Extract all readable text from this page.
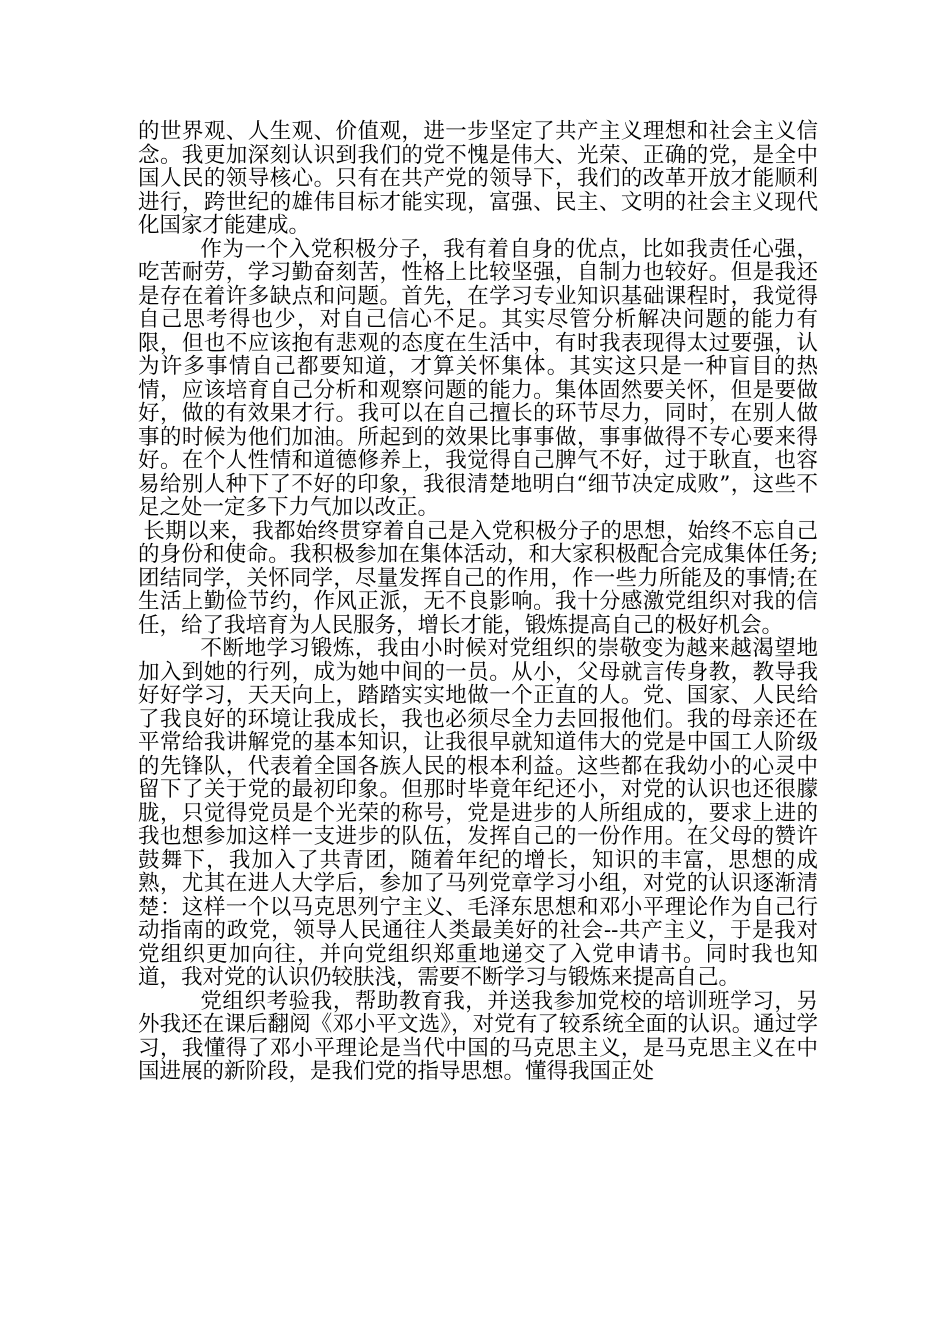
的世界观、人生观、价值观，进一步坚定了共产主义理想和社会主义信念。我更加深刻认识到我们的党不愧是伟大、光荣、正确的党，是全中国人民的领导核心。只有在共产党的领导下，我们的改革开放才能顺利进行，跨世纪的雄伟目标才能实现，富强、民主、文明的社会主义现代化国家才能建成。

作为一个入党积极分子，我有着自身的优点，比如我责任心强，吃苦耐劳，学习勤奋刻苦，性格上比较坚强，自制力也较好。但是我还是存在着许多缺点和问题。首先，在学习专业知识基础课程时，我觉得自己思考得也少，对自己信心不足。其实尽管分析解决问题的能力有限，但也不应该抱有悲观的态度在生活中，有时我表现得太过要强，认为许多事情自己都要知道，才算关怀集体。其实这只是一种盲目的热情，应该培育自己分析和观察问题的能力。集体固然要关怀，但是要做好，做的有效果才行。我可以在自己擅长的环节尽力，同时，在别人做事的时候为他们加油。所起到的效果比事事做，事事做得不专心要来得好。在个人性情和道德修养上，我觉得自己脾气不好，过于耿直，也容易给别人种下了不好的印象，我很清楚地明白“细节决定成败”，这些不足之处一定多下力气加以改正。

长期以来，我都始终贯穿着自己是入党积极分子的思想，始终不忘自己的身份和使命。我积极参加在集体活动，和大家积极配合完成集体任务;团结同学，关怀同学，尽量发挥自己的作用，作一些力所能及的事情;在生活上勤俭节约，作风正派，无不良影响。我十分感激党组织对我的信任，给了我培育为人民服务，增长才能，锻炼提高自己的极好机会。

不断地学习锻炼，我由小时候对党组织的崇敬变为越来越渴望地加入到她的行列，成为她中间的一员。从小，父母就言传身教，教导我好好学习，天天向上，踏踏实实地做一个正直的人。党、国家、人民给了我良好的环境让我成长，我也必须尽全力去回报他们。我的母亲还在平常给我讲解党的基本知识，让我很早就知道伟大的党是中国工人阶级的先锋队，代表着全国各族人民的根本利益。这些都在我幼小的心灵中留下了关于党的最初印象。但那时毕竟年纪还小，对党的认识也还很朦胧，只觉得党员是个光荣的称号，党是进步的人所组成的，要求上进的我也想参加这样一支进步的队伍，发挥自己的一份作用。在父母的赞许鼓舞下，我加入了共青团，随着年纪的增长，知识的丰富，思想的成熟，尤其在进人大学后，参加了马列党章学习小组，对党的认识逐渐清楚：这样一个以马克思列宁主义、毛泽东思想和邓小平理论作为自己行动指南的政党，领导人民通往人类最美好的社会--共产主义，于是我对党组织更加向往，并向党组织郑重地递交了入党申请书。同时我也知道，我对党的认识仍较肤浅，需要不断学习与锻炼来提高自己。

党组织考验我，帮助教育我，并送我参加党校的培训班学习，另外我还在课后翻阅《邓小平文选》，对党有了较系统全面的认识。通过学习，我懂得了邓小平理论是当代中国的马克思主义，是马克思主义在中国进展的新阶段，是我们党的指导思想。懂得我国正处
